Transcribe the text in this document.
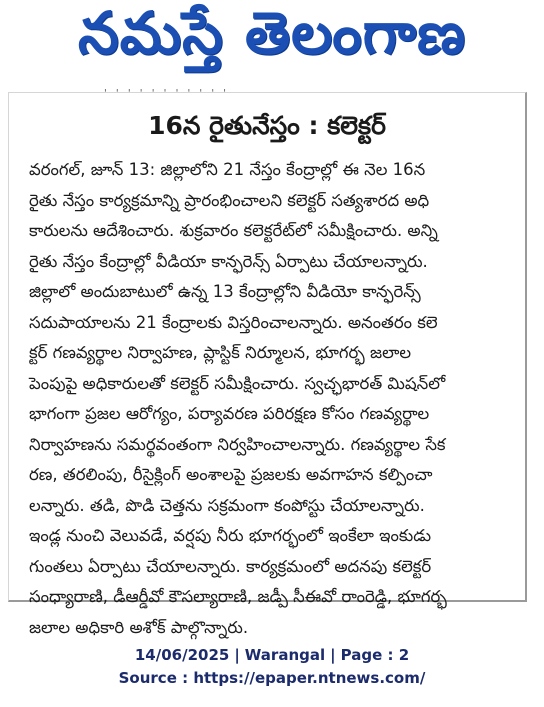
నమస్తే తెలంగాణ
' ' ' ' ' ' ' ' ' ' '
16న రైతునేస్తం : కలెక్టర్
వరంగల్, జూన్ 13: జిల్లాలోని 21 నేస్తం కేంద్రాల్లో ఈ నెల 16న
రైతు నేస్తం కార్యక్రమాన్ని ప్రారంభించాలని కలెక్టర్ సత్యశారద అధి
కారులను ఆదేశించారు. శుక్రవారం కలెక్టరేట్‌లో సమీక్షించారు. అన్ని
రైతు నేస్తం కేంద్రాల్లో వీడియా కాన్ఫరెన్స్ ఏర్పాటు చేయాలన్నారు.
జిల్లాలో అందుబాటులో ఉన్న 13 కేంద్రాల్లోని వీడియో కాన్ఫరెన్స్
సదుపాయాలను 21 కేంద్రాలకు విస్తరించాలన్నారు. అనంతరం కలె
క్టర్ గణవ్యర్థాల నిర్వాహణ, ప్లాస్టిక్ నిర్మూలన, భూగర్భ జలాల
పెంపుపై అధికారులతో కలెక్టర్ సమీక్షించారు. స్వచ్ఛభారత్ మిషన్‌లో
భాగంగా ప్రజల ఆరోగ్యం, పర్యావరణ పరిరక్షణ కోసం గణవ్యర్థాల
నిర్వాహణను సమర్థవంతంగా నిర్వహించాలన్నారు. గణవ్యర్థాల సేక
రణ, తరలింపు, రీసైక్లింగ్ అంశాలపై ప్రజలకు అవగాహన కల్పించా
లన్నారు. తడి, పొడి చెత్తను సక్రమంగా కంపోస్టు చేయాలన్నారు.
ఇండ్ల నుంచి వెలువడే, వర్షపు నీరు భూగర్భంలో ఇంకేలా ఇంకుడు
గుంతలు ఏర్పాటు చేయాలన్నారు. కార్యక్రమంలో అదనపు కలెక్టర్
సంధ్యారాణి, డీఆర్డీవో కౌసల్యారాణి, జడ్పీ సీఈవో రాంరెడ్డి, భూగర్భ
జలాల అధికారి అశోక్ పాల్గొన్నారు.
14/06/2025 | Warangal | Page : 2
Source : https://epaper.ntnews.com/
